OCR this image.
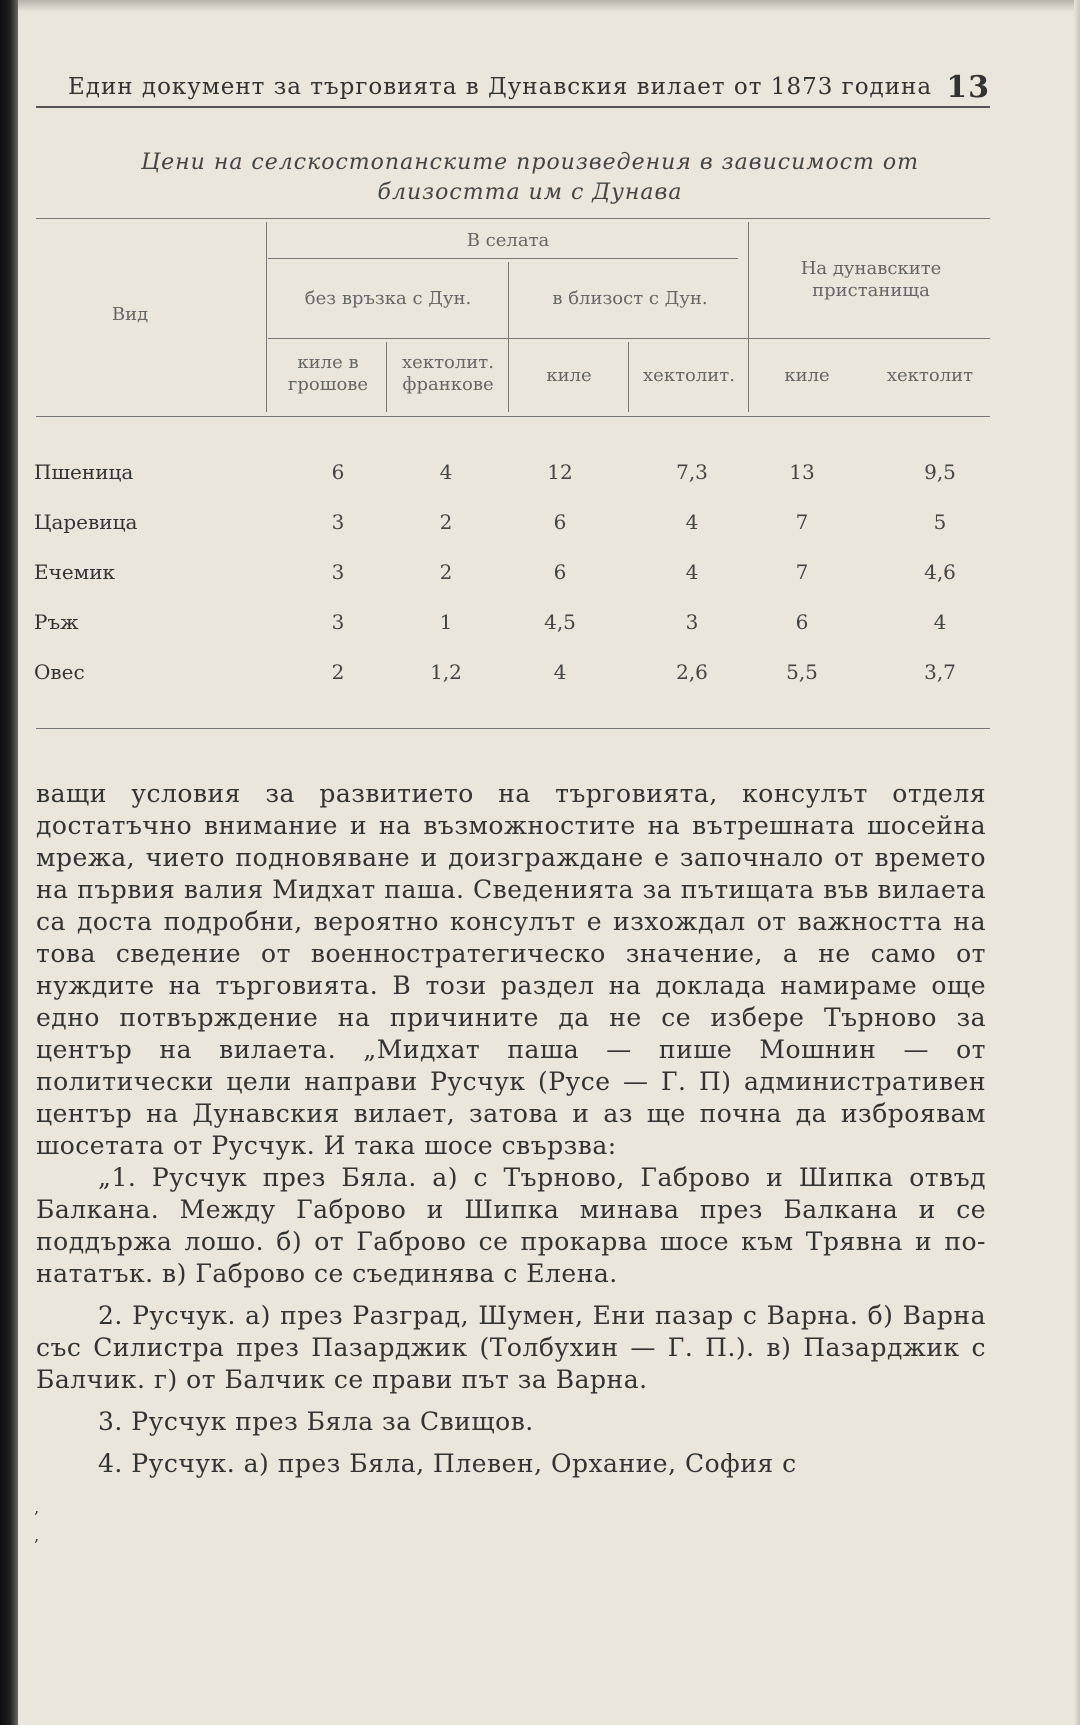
Един документ за търговията в Дунавския вилает от 1873 година 13
Цени на селскостопанските произведения в зависимост от
близостта им с Дунава
Вид
В селата
без връзка с Дун.	в близост с Дун.
На дунавските
пристанища
киле в
грошове
хектолит.
франкове	киле	хектолит.	киле	хектолит
Пшеница	6	4	12	7,3	13	9,5
Царевица	3	2	6	4	7	5
Ечемик	3	2	6	4	7	4,6
Ръж	3	1	4,5	3	6	4
Овес	2	1,2	4	2,6	5,5	3,7

ващи условия за развитието на търговията, консулът отделя достатъчно внимание и на възможностите на вътрешната шосейна мрежа, чието подновяване и доизграждане е започнало от времето на първия валия Мидхат паша. Сведенията за пътищата във вилаета са доста подробни, вероятно консулът е изхождал от важността на това сведение от военностратегическо значение, а не само от нуждите на търговията. В този раздел на доклада намираме още едно потвърждение на причините да не се избере Търново за център на вилаета. „Мидхат паша — пише Мошнин — от политически цели направи Русчук (Русе — Г. П) административен център на Дунавския вилает, затова и аз ще почна да изброявам шосетата от Русчук. И така шосе свързва:

„1. Русчук през Бяла. а) с Търново, Габрово и Шипка отвъд Балкана. Между Габрово и Шипка минава през Балкана и се поддържа лошо. б) от Габрово се прокарва шосе към Трявна и по-нататък. в) Габрово се съединява с Елена.

2. Русчук. а) през Разград, Шумен, Ени пазар с Варна. б) Варна със Силистра през Пазарджик (Толбухин — Г. П.). в) Пазарджик с Балчик. г) от Балчик се прави път за Варна.

3. Русчук през Бяла за Свищов.

4. Русчук. а) през Бяла, Плевен, Орхание, София с

‚
‚
